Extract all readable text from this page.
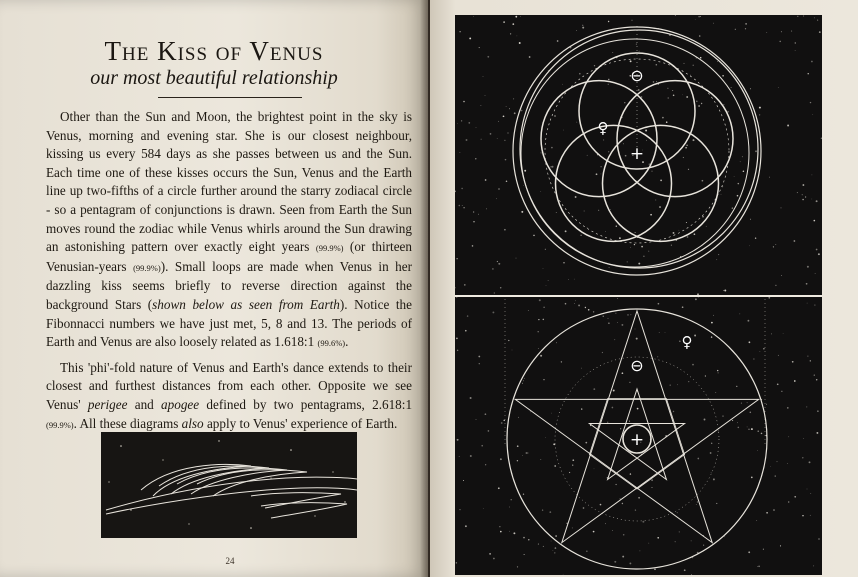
The Kiss of Venus
our most beautiful relationship

Other than the Sun and Moon, the brightest point in the sky is Venus, morning and evening star. She is our closest neighbour, kissing us every 584 days as she passes between us and the Sun. Each time one of these kisses occurs the Sun, Venus and the Earth line up two-fifths of a circle further around the starry zodiacal circle - so a pentagram of conjunctions is drawn. Seen from Earth the Sun moves round the zodiac while Venus whirls around the Sun drawing an astonishing pattern over exactly eight years (99.9%) (or thirteen Venusian-years (99.9%)). Small loops are made when Venus in her dazzling kiss seems briefly to reverse direction against the background Stars (shown below as seen from Earth). Notice the Fibonnacci numbers we have just met, 5, 8 and 13. The periods of Earth and Venus are also loosely related as 1.618:1 (99.6%).

This 'phi'-fold nature of Venus and Earth's dance extends to their closest and furthest distances from each other. Opposite we see Venus' perigee and apogee defined by two pentagrams, 2.618:1 (99.9%). All these diagrams also apply to Venus' experience of Earth.

24
⊖
+
♀
⊖
+
♀
